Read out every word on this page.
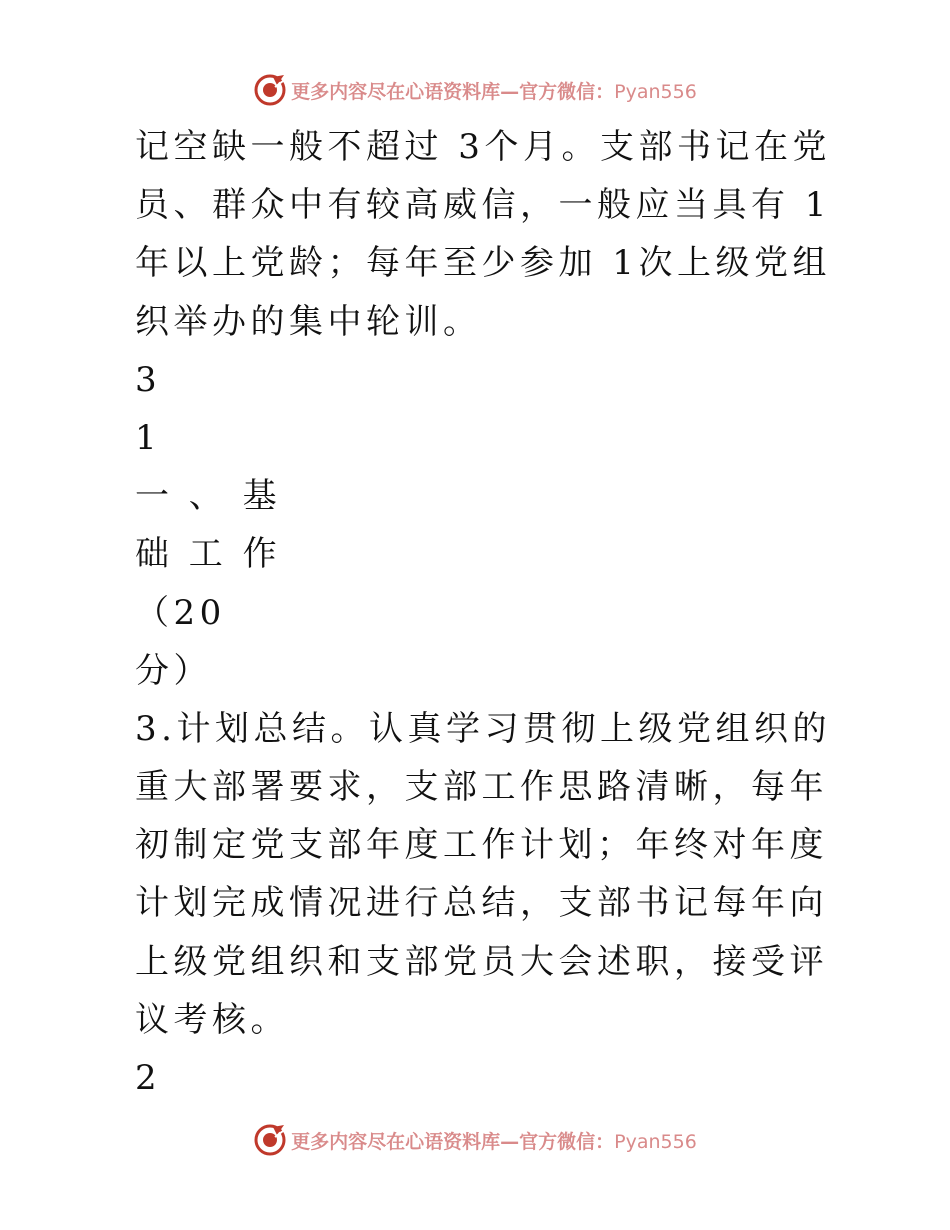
更多内容尽在心语资料库—官方微信：Pyan556
记空缺一般不超过 3个月。支部书记在党
员、群众中有较高威信，一般应当具有 1
年以上党龄；每年至少参加 1次上级党组
织举办的集中轮训。
3
1
一 、 基
础 工 作
（20
分）
3.计划总结。认真学习贯彻上级党组织的
重大部署要求，支部工作思路清晰，每年
初制定党支部年度工作计划；年终对年度
计划完成情况进行总结，支部书记每年向
上级党组织和支部党员大会述职，接受评
议考核。
2
更多内容尽在心语资料库—官方微信：Pyan556
